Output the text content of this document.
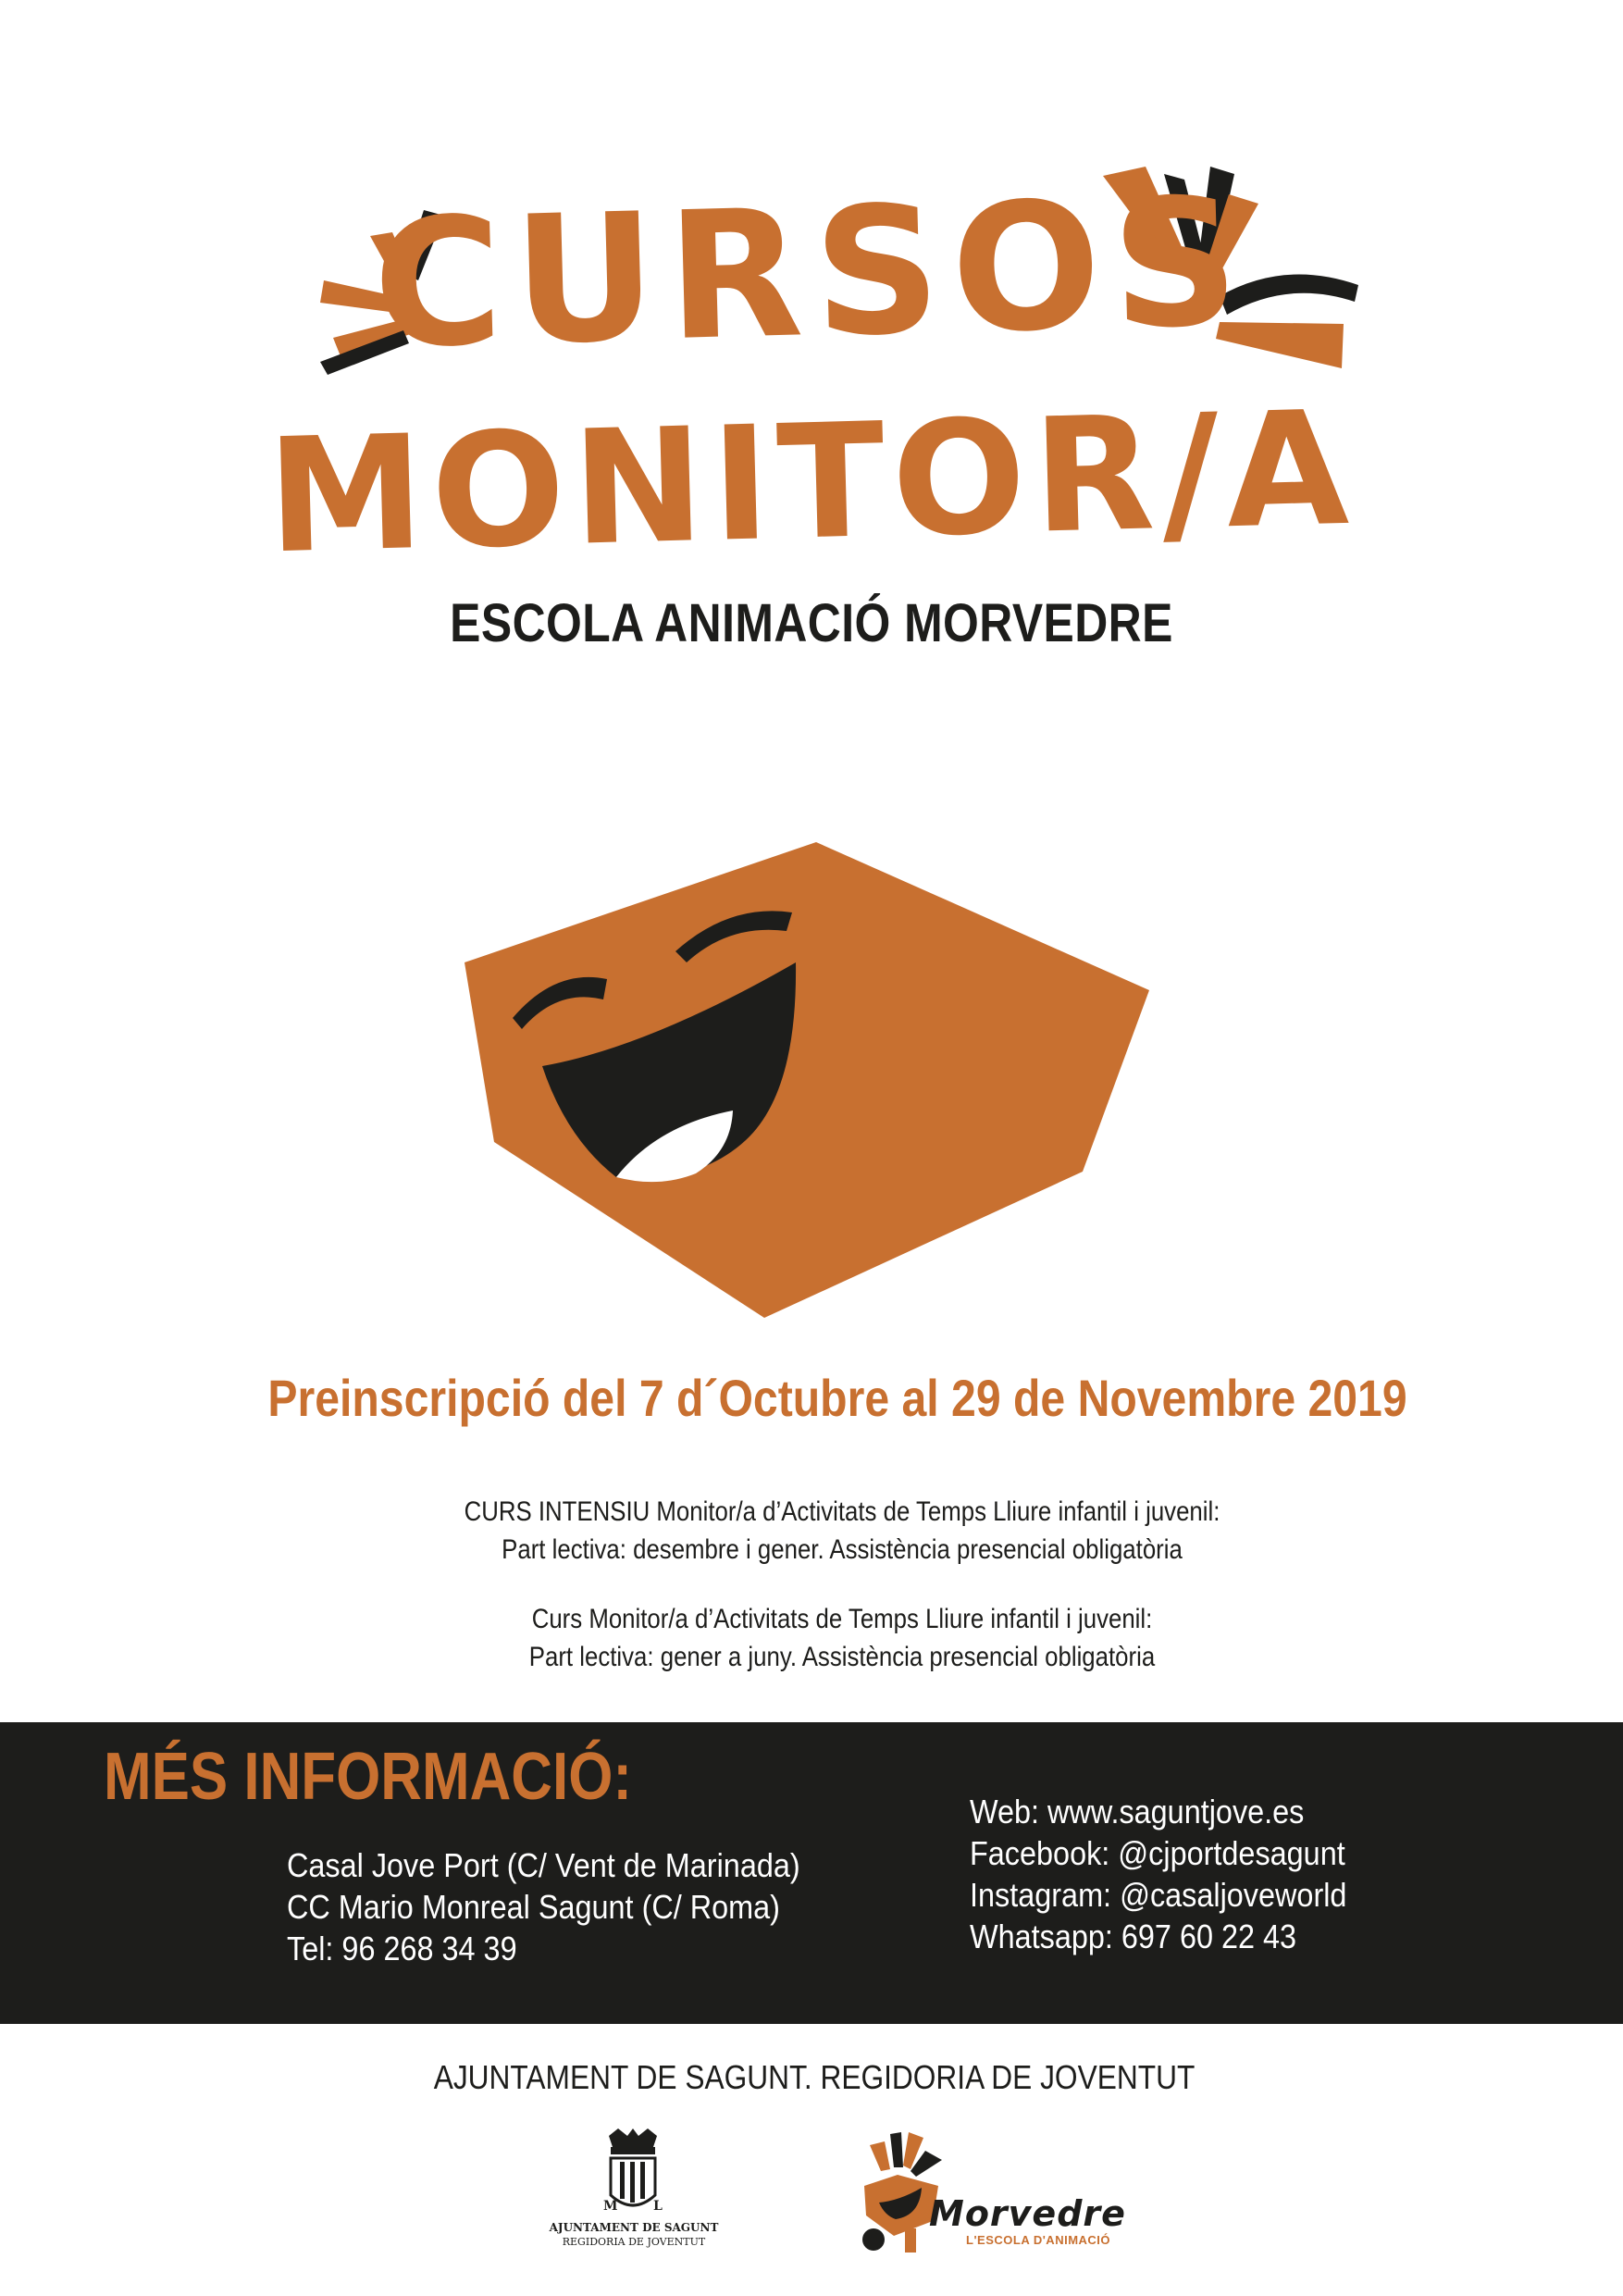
CURSOS
MONITOR/A
ESCOLA ANIMACIÓ MORVEDRE
Preinscripció del 7 d´Octubre al 29 de Novembre 2019
CURS INTENSIU Monitor/a d’Activitats de Temps Lliure infantil i juvenil:
Part lectiva: desembre i gener. Assistència presencial obligatòria
Curs Monitor/a d’Activitats de Temps Lliure infantil i juvenil:
Part lectiva: gener a juny. Assistència presencial obligatòria
MÉS INFORMACIÓ:
Casal Jove Port (C/ Vent de Marinada)
CC Mario Monreal Sagunt (C/ Roma)
Tel: 96 268 34 39
Web: www.saguntjove.es
Facebook: @cjportdesagunt
Instagram: @casaljoveworld
Whatsapp: 697 60 22 43
AJUNTAMENT DE SAGUNT. REGIDORIA DE JOVENTUT
M	L
AJUNTAMENT DE SAGUNT
REGIDORIA DE JOVENTUT
Morvedre
L'ESCOLA D'ANIMACIÓ
